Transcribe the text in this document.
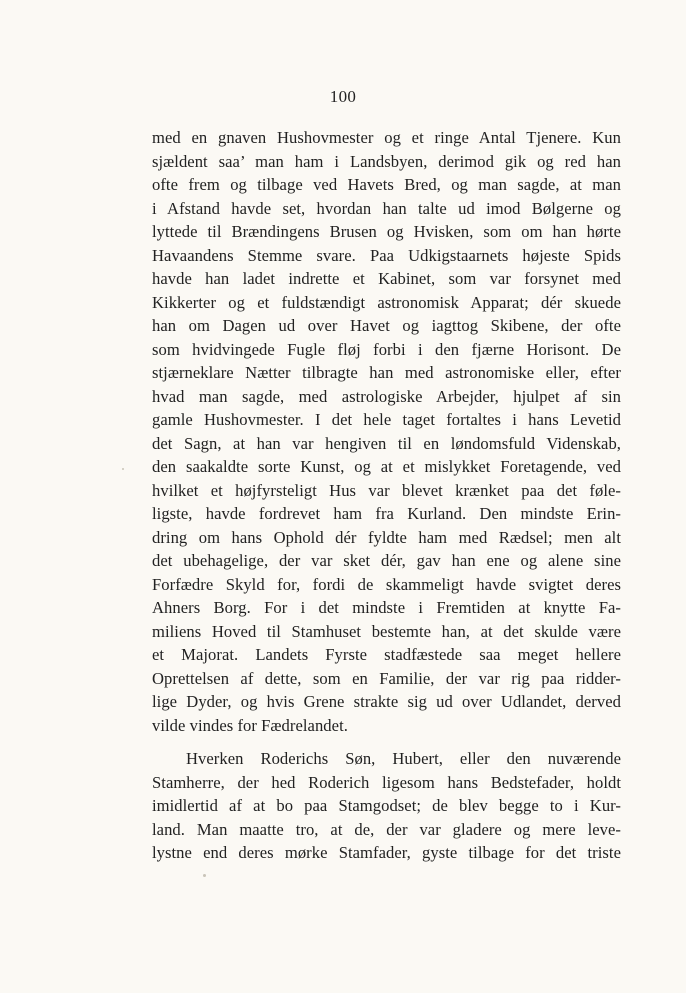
100
med en gnaven Hushovmester og et ringe Antal Tjenere. Kun
sjældent saa’ man ham i Landsbyen, derimod gik og red han
ofte frem og tilbage ved Havets Bred, og man sagde, at man
i Afstand havde set, hvordan han talte ud imod Bølgerne og
lyttede til Brændingens Brusen og Hvisken, som om han hørte
Havaandens Stemme svare. Paa Udkigstaarnets højeste Spids
havde han ladet indrette et Kabinet, som var forsynet med
Kikkerter og et fuldstændigt astronomisk Apparat; dér skuede
han om Dagen ud over Havet og iagttog Skibene, der ofte
som hvidvingede Fugle fløj forbi i den fjærne Horisont. De
stjærneklare Nætter tilbragte han med astronomiske eller, efter
hvad man sagde, med astrologiske Arbejder, hjulpet af sin
gamle Hushovmester. I det hele taget fortaltes i hans Levetid
det Sagn, at han var hengiven til en løndomsfuld Videnskab,
den saakaldte sorte Kunst, og at et mislykket Foretagende, ved
hvilket et højfyrsteligt Hus var blevet krænket paa det føle-
ligste, havde fordrevet ham fra Kurland. Den mindste Erin-
dring om hans Ophold dér fyldte ham med Rædsel; men alt
det ubehagelige, der var sket dér, gav han ene og alene sine
Forfædre Skyld for, fordi de skammeligt havde svigtet deres
Ahners Borg. For i det mindste i Fremtiden at knytte Fa-
miliens Hoved til Stamhuset bestemte han, at det skulde være
et Majorat. Landets Fyrste stadfæstede saa meget hellere
Oprettelsen af dette, som en Familie, der var rig paa ridder-
lige Dyder, og hvis Grene strakte sig ud over Udlandet, derved
vilde vindes for Fædrelandet.
Hverken Roderichs Søn, Hubert, eller den nuværende
Stamherre, der hed Roderich ligesom hans Bedstefader, holdt
imidlertid af at bo paa Stamgodset; de blev begge to i Kur-
land. Man maatte tro, at de, der var gladere og mere leve-
lystne end deres mørke Stamfader, gyste tilbage for det triste
